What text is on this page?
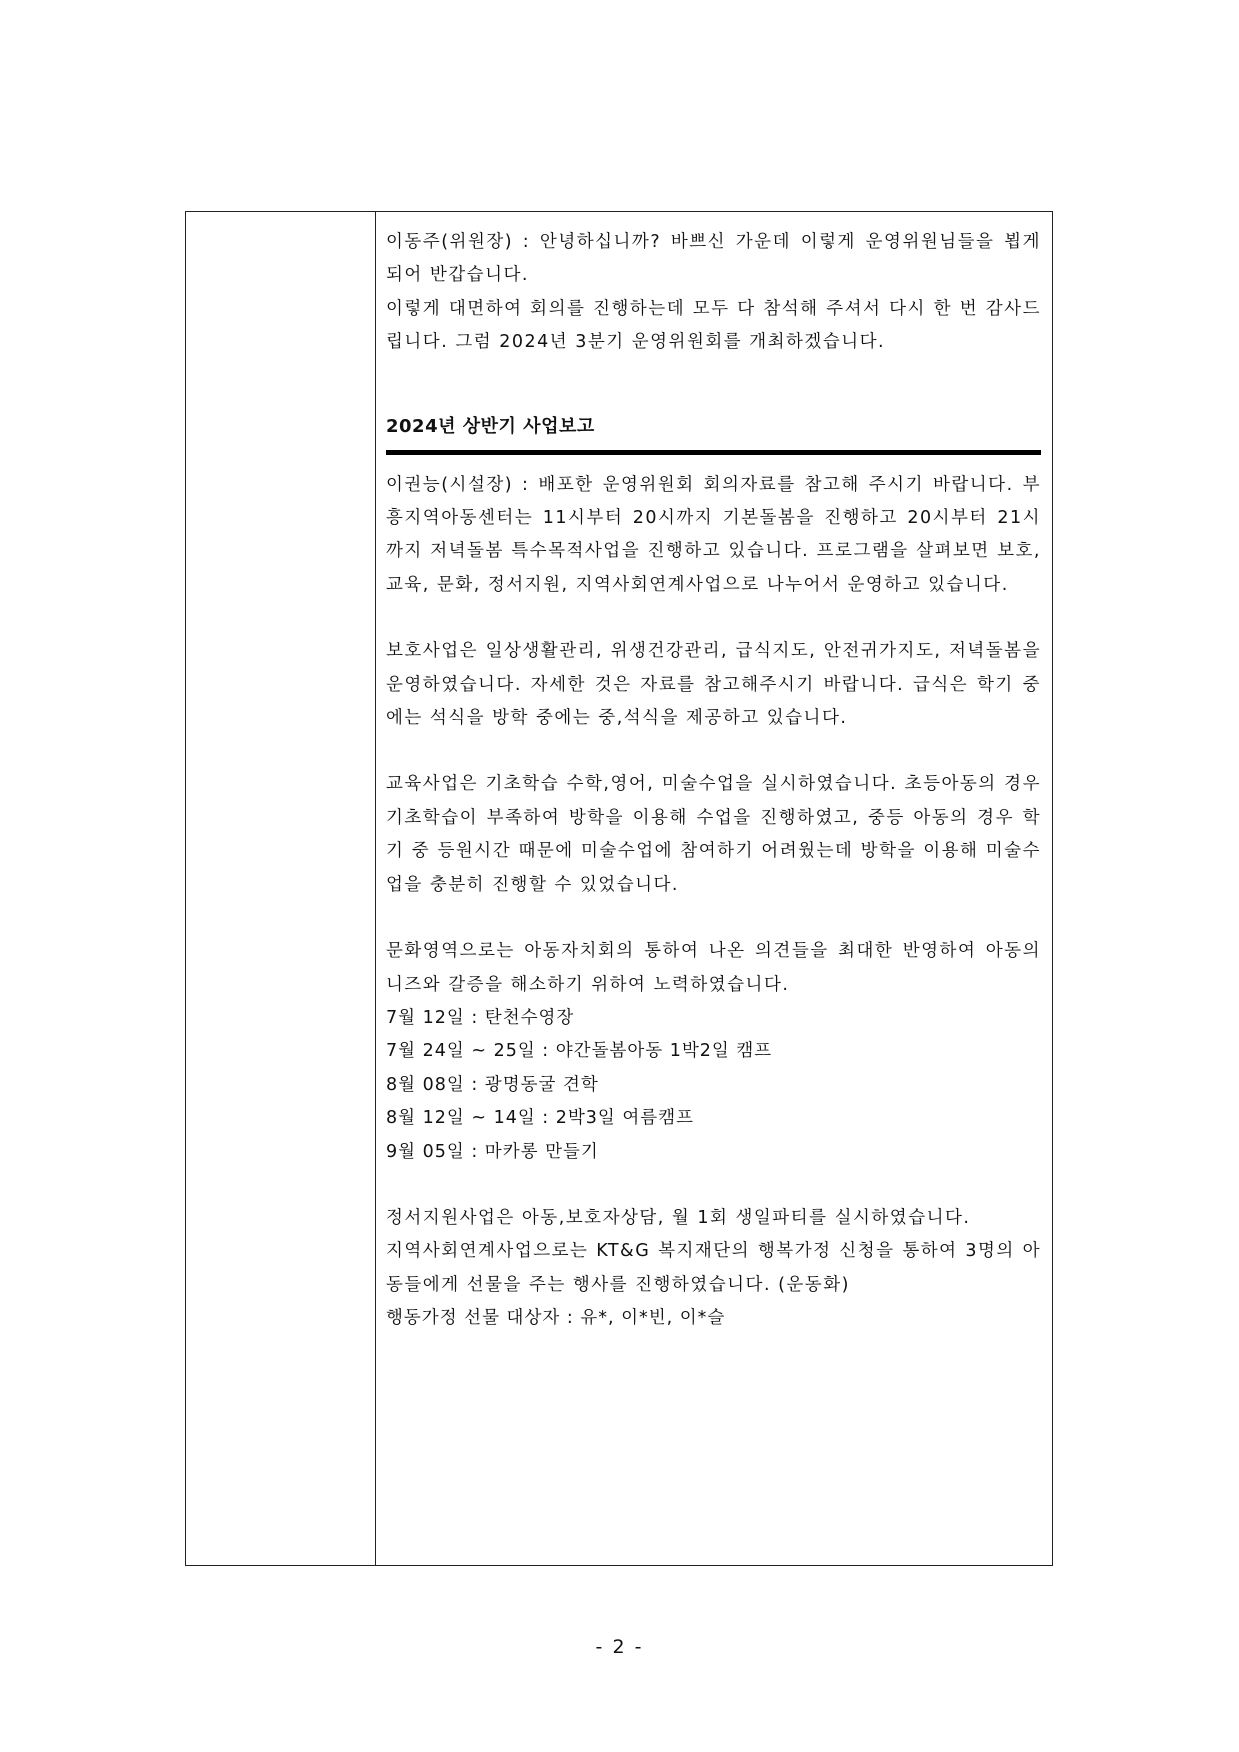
이동주(위원장) : 안녕하십니까? 바쁘신 가운데 이렇게 운영위원님들을 뵙게 되어 반갑습니다.

이렇게 대면하여 회의를 진행하는데 모두 다 참석해 주셔서 다시 한 번 감사드립니다. 그럼 2024년 3분기 운영위원회를 개최하겠습니다.

2024년 상반기 사업보고

이권능(시설장) : 배포한 운영위원회 회의자료를 참고해 주시기 바랍니다. 부흥지역아동센터는 11시부터 20시까지 기본돌봄을 진행하고 20시부터 21시까지 저녁돌봄 특수목적사업을 진행하고 있습니다. 프로그램을 살펴보면 보호, 교육, 문화, 정서지원, 지역사회연계사업으로 나누어서 운영하고 있습니다.

보호사업은 일상생활관리, 위생건강관리, 급식지도, 안전귀가지도, 저녁돌봄을 운영하였습니다. 자세한 것은 자료를 참고해주시기 바랍니다. 급식은 학기 중에는 석식을 방학 중에는 중,석식을 제공하고 있습니다.

교육사업은 기초학습 수학,영어, 미술수업을 실시하였습니다. 초등아동의 경우 기초학습이 부족하여 방학을 이용해 수업을 진행하였고, 중등 아동의 경우 학기 중 등원시간 때문에 미술수업에 참여하기 어려웠는데 방학을 이용해 미술수업을 충분히 진행할 수 있었습니다.

문화영역으로는 아동자치회의 통하여 나온 의견들을 최대한 반영하여 아동의 니즈와 갈증을 해소하기 위하여 노력하였습니다.

7월 12일 : 탄천수영장

7월 24일 ~ 25일 : 야간돌봄아동 1박2일 캠프

8월 08일 : 광명동굴 견학

8월 12일 ~ 14일 : 2박3일 여름캠프

9월 05일 : 마카롱 만들기

정서지원사업은 아동,보호자상담, 월 1회 생일파티를 실시하였습니다.

지역사회연계사업으로는 KT&G 복지재단의 행복가정 신청을 통하여 3명의 아동들에게 선물을 주는 행사를 진행하였습니다. (운동화)

행동가정 선물 대상자 : 유*, 이*빈, 이*슬

- 2 -
